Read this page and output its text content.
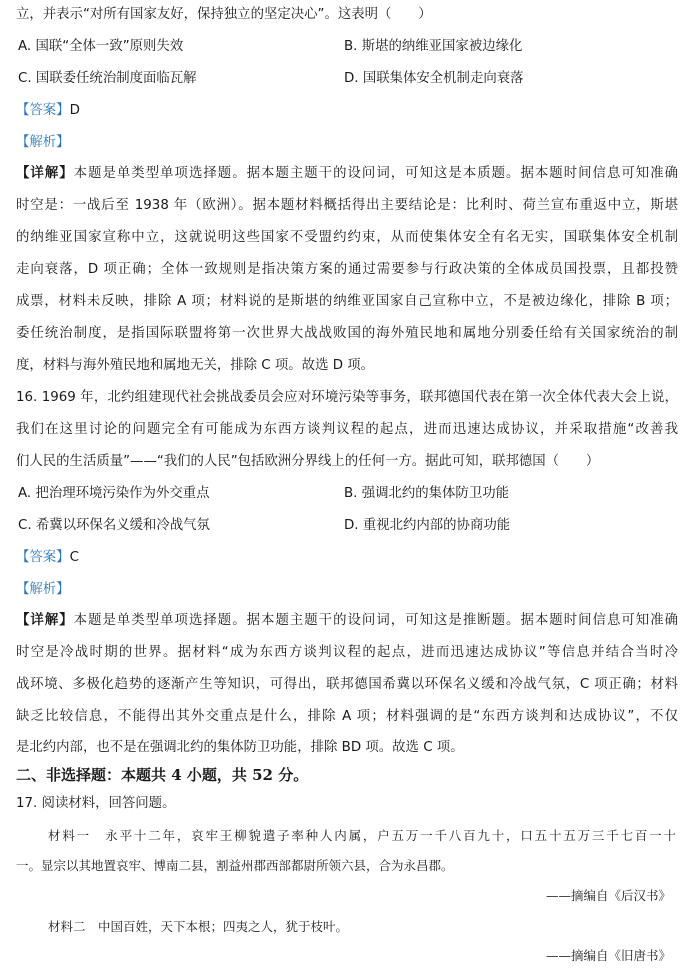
立，并表示“对所有国家友好，保持独立的坚定决心”。这表明（　　）
A. 国联“全体一致”原则失效	B. 斯堪的纳维亚国家被边缘化
C. 国联委任统治制度面临瓦解	D. 国联集体安全机制走向衰落
【答案】D
【解析】
【详解】本题是单类型单项选择题。据本题主题干的设问词，可知这是本质题。据本题时间信息可知准确
时空是：一战后至 1938 年（欧洲）。据本题材料概括得出主要结论是：比利时、荷兰宣布重返中立，斯堪
的纳维亚国家宣称中立，这就说明这些国家不受盟约约束，从而使集体安全有名无实，国联集体安全机制
走向衰落，D 项正确；全体一致规则是指决策方案的通过需要参与行政决策的全体成员国投票，且都投赞
成票，材料未反映，排除 A 项；材料说的是斯堪的纳维亚国家自己宣称中立，不是被边缘化，排除 B 项；
委任统治制度，是指国际联盟将第一次世界大战战败国的海外殖民地和属地分别委任给有关国家统治的制
度，材料与海外殖民地和属地无关，排除 C 项。故选 D 项。
16. 1969 年，北约组建现代社会挑战委员会应对环境污染等事务，联邦德国代表在第一次全体代表大会上说，
我们在这里讨论的问题完全有可能成为东西方谈判议程的起点，进而迅速达成协议，并采取措施“改善我
们人民的生活质量”——“我们的人民”包括欧洲分界线上的任何一方。据此可知，联邦德国（　　）
A. 把治理环境污染作为外交重点	B. 强调北约的集体防卫功能
C. 希冀以环保名义缓和冷战气氛	D. 重视北约内部的协商功能
【答案】C
【解析】
【详解】本题是单类型单项选择题。据本题主题干的设问词，可知这是推断题。据本题时间信息可知准确
时空是冷战时期的世界。据材料“成为东西方谈判议程的起点，进而迅速达成协议”等信息并结合当时冷
战环境、多极化趋势的逐渐产生等知识，可得出，联邦德国希冀以环保名义缓和冷战气氛，C 项正确；材料
缺乏比较信息，不能得出其外交重点是什么，排除 A 项；材料强调的是“东西方谈判和达成协议”，不仅
是北约内部，也不是在强调北约的集体防卫功能，排除 BD 项。故选 C 项。
二、非选择题：本题共 4 小题，共 52 分。
17. 阅读材料，回答问题。
材料一　永平十二年，哀牢王柳貌遣子率种人内属，户五万一千八百九十，口五十五万三千七百一十
一。显宗以其地置哀牢、博南二县，割益州郡西部都尉所领六县，合为永昌郡。
——摘编自《后汉书》
材料二　中国百姓，天下本根；四夷之人，犹于枝叶。
——摘编自《旧唐书》
